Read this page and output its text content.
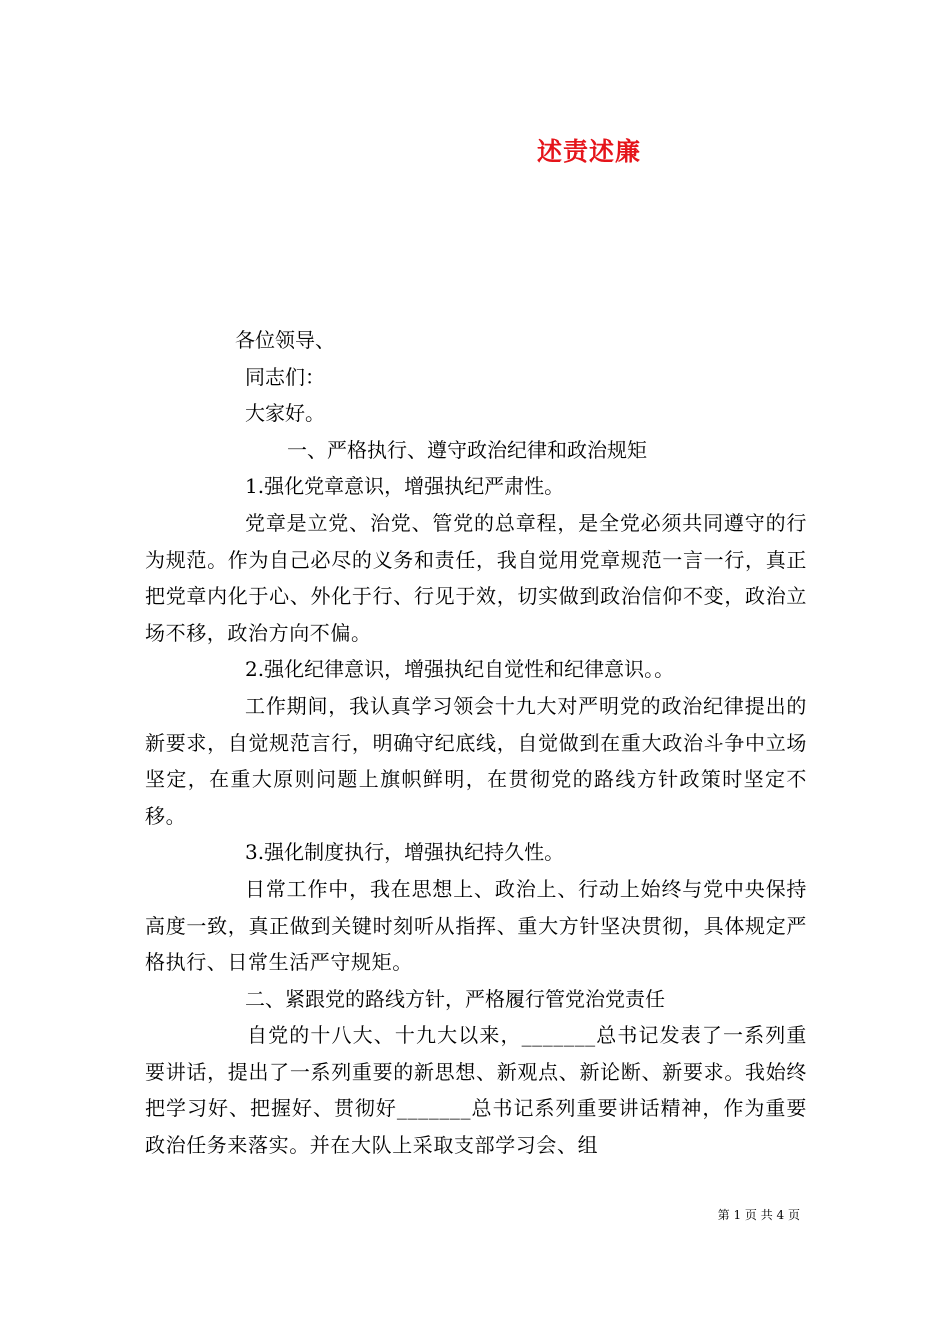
述责述廉

各位领导、

同志们：

大家好。

一、严格执行、遵守政治纪律和政治规矩

1.强化党章意识，增强执纪严肃性。

党章是立党、治党、管党的总章程，是全党必须共同遵守的行为规范。作为自己必尽的义务和责任，我自觉用党章规范一言一行，真正把党章内化于心、外化于行、行见于效，切实做到政治信仰不变，政治立场不移，政治方向不偏。

2.强化纪律意识，增强执纪自觉性和纪律意识。。

工作期间，我认真学习领会十九大对严明党的政治纪律提出的新要求，自觉规范言行，明确守纪底线，自觉做到在重大政治斗争中立场坚定，在重大原则问题上旗帜鲜明，在贯彻党的路线方针政策时坚定不移。

3.强化制度执行，增强执纪持久性。

日常工作中，我在思想上、政治上、行动上始终与党中央保持高度一致，真正做到关键时刻听从指挥、重大方针坚决贯彻，具体规定严格执行、日常生活严守规矩。

二、紧跟党的路线方针，严格履行管党治党责任

自党的十八大、十九大以来，_______总书记发表了一系列重要讲话，提出了一系列重要的新思想、新观点、新论断、新要求。我始终把学习好、把握好、贯彻好_______总书记系列重要讲话精神，作为重要政治任务来落实。并在大队上采取支部学习会、组

第 1 页 共 4 页
